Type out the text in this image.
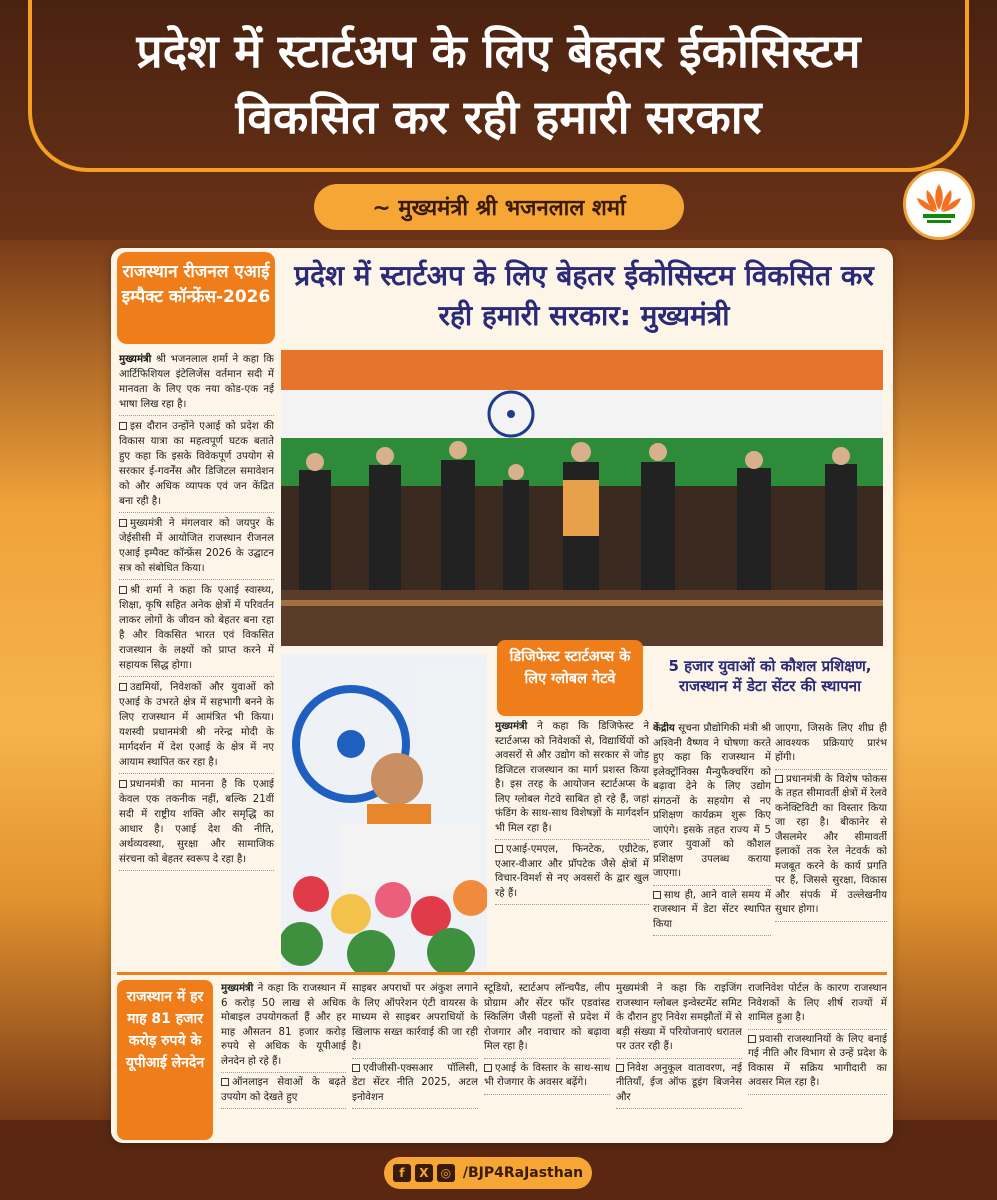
प्रदेश में स्टार्टअप के लिए बेहतर ईकोसिस्टम
विकसित कर रही हमारी सरकार
~ मुख्यमंत्री श्री भजनलाल शर्मा
राजस्थान रीजनल एआई इम्पैक्ट कॉन्फ्रेंस-2026
प्रदेश में स्टार्टअप के लिए बेहतर ईकोसिस्टम विकसित कर रही हमारी सरकार: मुख्यमंत्री

मुख्यमंत्री श्री भजनलाल शर्मा ने कहा कि आर्टिफिशियल इंटेलिजेंस वर्तमान सदी में मानवता के लिए एक नया कोड-एक नई भाषा लिख रहा है।

इस दौरान उन्होंने एआई को प्रदेश की विकास यात्रा का महत्वपूर्ण घटक बताते हुए कहा कि इसके विवेकपूर्ण उपयोग से सरकार ई-गवर्नेंस और डिजिटल समावेशन को और अधिक व्यापक एवं जन केंद्रित बना रही है।

मुख्यमंत्री ने मंगलवार को जयपुर के जेईसीसी में आयोजित राजस्थान रीजनल एआई इम्पैक्ट कॉन्फ्रेंस 2026 के उद्घाटन सत्र को संबोधित किया।

श्री शर्मा ने कहा कि एआई स्वास्थ्य, शिक्षा, कृषि सहित अनेक क्षेत्रों में परिवर्तन लाकर लोगों के जीवन को बेहतर बना रहा है और विकसित भारत एवं विकसित राजस्थान के लक्ष्यों को प्राप्त करने में सहायक सिद्ध होगा।

उद्यमियों, निवेशकों और युवाओं को एआई के उभरते क्षेत्र में सहभागी बनने के लिए राजस्थान में आमंत्रित भी किया। यशस्वी प्रधानमंत्री श्री नरेन्द्र मोदी के मार्गदर्शन में देश एआई के क्षेत्र में नए आयाम स्थापित कर रहा है।

प्रधानमंत्री का मानना है कि एआई केवल एक तकनीक नहीं, बल्कि 21वीं सदी में राष्ट्रीय शक्ति और समृद्धि का आधार है। एआई देश की नीति, अर्थव्यवस्था, सुरक्षा और सामाजिक संरचना को बेहतर स्वरूप दे रहा है।

डिजिफेस्ट स्टार्टअप्स के लिए ग्लोबल गेटवे

मुख्यमंत्री ने कहा कि डिजिफेस्ट ने स्टार्टअप्स को निवेशकों से, विद्यार्थियों को अवसरों से और उद्योग को सरकार से जोड़ डिजिटल राजस्थान का मार्ग प्रशस्त किया है। इस तरह के आयोजन स्टार्टअप्स के लिए ग्लोबल गेटवे साबित हो रहे हैं, जहां फंडिंग के साथ-साथ विशेषज्ञों के मार्गदर्शन भी मिल रहा है।

एआई-एमएल, फिनटेक, एग्रीटेक, एआर-वीआर और प्रॉपटेक जैसे क्षेत्रों में विचार-विमर्श से नए अवसरों के द्वार खुल रहे हैं।

5 हजार युवाओं को कौशल प्रशिक्षण, राजस्थान में डेटा सेंटर की स्थापना

केंद्रीय सूचना प्रौद्योगिकी मंत्री श्री अश्विनी वैष्णव ने घोषणा करते हुए कहा कि राजस्थान में इलेक्ट्रॉनिक्स मैन्युफैक्चरिंग को बढ़ावा देने के लिए उद्योग संगठनों के सहयोग से नए प्रशिक्षण कार्यक्रम शुरू किए जाएंगे। इसके तहत राज्य में 5 हजार युवाओं को कौशल प्रशिक्षण उपलब्ध कराया जाएगा।

साथ ही, आने वाले समय में राजस्थान में डेटा सेंटर स्थापित किया

जाएगा, जिसके लिए शीघ्र ही आवश्यक प्रक्रियाएं प्रारंभ होंगी।

प्रधानमंत्री के विशेष फोकस के तहत सीमावर्ती क्षेत्रों में रेलवे कनेक्टिविटी का विस्तार किया जा रहा है। बीकानेर से जैसलमेर और सीमावर्ती इलाकों तक रेल नेटवर्क को मजबूत करने के कार्य प्रगति पर हैं, जिससे सुरक्षा, विकास और संपर्क में उल्लेखनीय सुधार होगा।

राजस्थान में हर माह 81 हजार करोड़ रुपये के यूपीआई लेनदेन

मुख्यमंत्री ने कहा कि राजस्थान में 6 करोड़ 50 लाख से अधिक मोबाइल उपयोगकर्ता हैं और हर माह औसतन 81 हजार करोड़ रुपये से अधिक के यूपीआई लेनदेन हो रहे हैं।

ऑनलाइन सेवाओं के बढ़ते उपयोग को देखते हुए

साइबर अपराधों पर अंकुश लगाने के लिए ऑपरेशन एंटी वायरस के माध्यम से साइबर अपराधियों के खिलाफ सख्त कार्रवाई की जा रही है।

एवीजीसी-एक्सआर पॉलिसी, डेटा सेंटर नीति 2025, अटल इनोवेशन

स्टूडियो, स्टार्टअप लॉन्चपैड, लीप प्रोग्राम और सेंटर फॉर एडवांस्ड स्किलिंग जैसी पहलों से प्रदेश में रोजगार और नवाचार को बढ़ावा मिल रहा है।

एआई के विस्तार के साथ-साथ भी रोजगार के अवसर बढ़ेंगे।

मुख्यमंत्री ने कहा कि राइजिंग राजस्थान ग्लोबल इन्वेस्टमेंट समिट के दौरान हुए निवेश समझौतों में से बड़ी संख्या में परियोजनाएं धरातल पर उतर रही हैं।

निवेश अनुकूल वातावरण, नई नीतियाँ, ईज ऑफ डूइंग बिजनेस और

राजनिवेश पोर्टल के कारण राजस्थान निवेशकों के लिए शीर्ष राज्यों में शामिल हुआ है।

प्रवासी राजस्थानियों के लिए बनाई गई नीति और विभाग से उन्हें प्रदेश के विकास में सक्रिय भागीदारी का अवसर मिल रहा है।

f	X	◎ /BJP4RaJasthan
